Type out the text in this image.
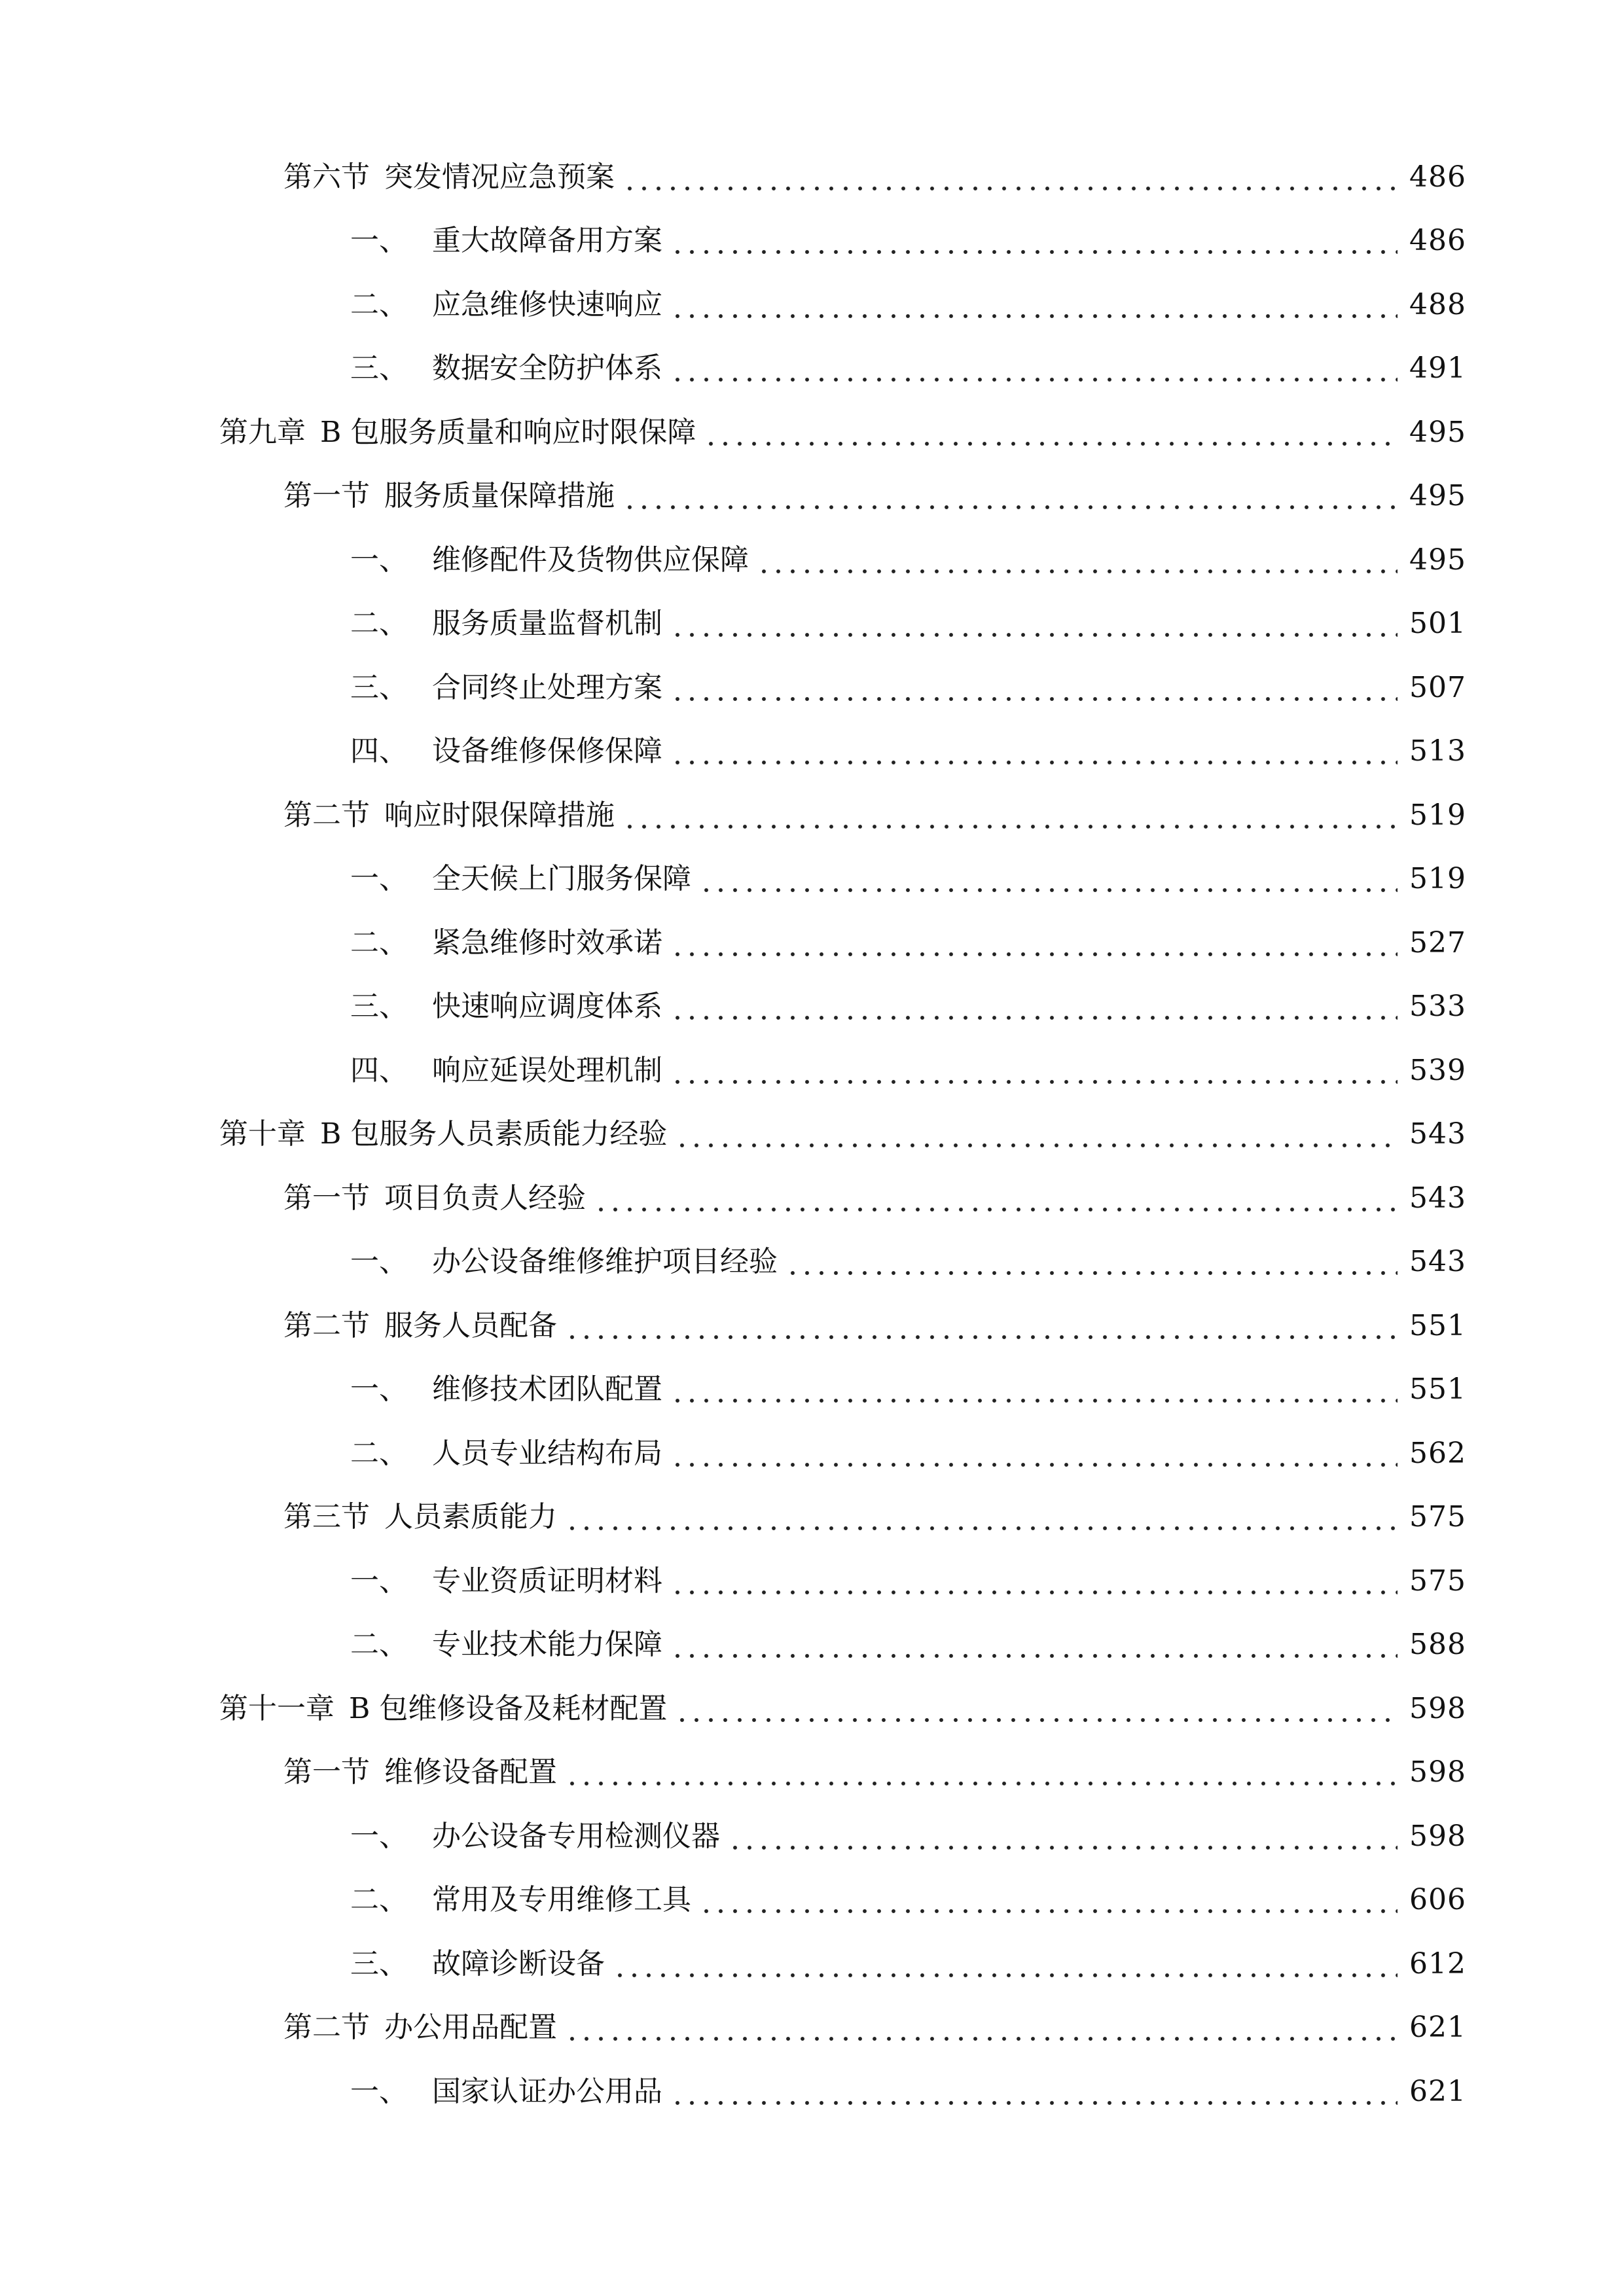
第六节 突发情况应急预案	486
一、 重大故障备用方案	486
二、 应急维修快速响应	488
三、 数据安全防护体系	491
第九章 B 包服务质量和响应时限保障	495
第一节 服务质量保障措施	495
一、 维修配件及货物供应保障	495
二、 服务质量监督机制	501
三、 合同终止处理方案	507
四、 设备维修保修保障	513
第二节 响应时限保障措施	519
一、 全天候上门服务保障	519
二、 紧急维修时效承诺	527
三、 快速响应调度体系	533
四、 响应延误处理机制	539
第十章 B 包服务人员素质能力经验	543
第一节 项目负责人经验	543
一、 办公设备维修维护项目经验	543
第二节 服务人员配备	551
一、 维修技术团队配置	551
二、 人员专业结构布局	562
第三节 人员素质能力	575
一、 专业资质证明材料	575
二、 专业技术能力保障	588
第十一章 B 包维修设备及耗材配置	598
第一节 维修设备配置	598
一、 办公设备专用检测仪器	598
二、 常用及专用维修工具	606
三、 故障诊断设备	612
第二节 办公用品配置	621
一、 国家认证办公用品	621
